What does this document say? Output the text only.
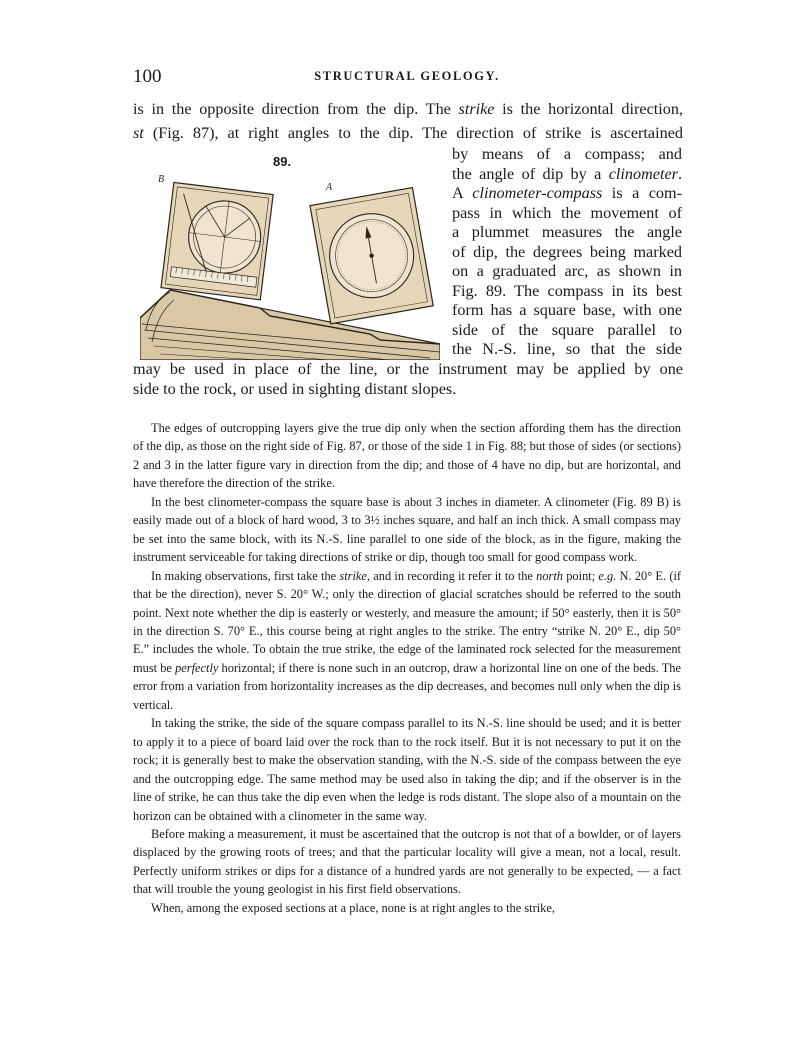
100	STRUCTURAL GEOLOGY.
is in the opposite direction from the dip. The strike is the horizontal direction,
st (Fig. 87), at right angles to the dip. The direction of strike is ascertained
by means of a compass; and
the angle of dip by a clinometer.
A clinometer-compass is a com-
pass in which the movement of
a plummet measures the angle
of dip, the degrees being marked
on a graduated arc, as shown in
Fig. 89. The compass in its best
form has a square base, with one
side of the square parallel to
the N.-S. line, so that the side
may be used in place of the line, or the instrument may be applied by one
side to the rock, or used in sighting distant slopes.
89.
B
A

The edges of outcropping layers give the true dip only when the section affording them has the direction of the dip, as those on the right side of Fig. 87, or those of the side 1 in Fig. 88; but those of sides (or sections) 2 and 3 in the latter figure vary in direction from the dip; and those of 4 have no dip, but are horizontal, and have therefore the direction of the strike.

In the best clinometer-compass the square base is about 3 inches in diameter. A clinometer (Fig. 89 B) is easily made out of a block of hard wood, 3 to 3½ inches square, and half an inch thick. A small compass may be set into the same block, with its N.-S. line parallel to one side of the block, as in the figure, making the instrument serviceable for taking directions of strike or dip, though too small for good compass work.

In making observations, first take the strike, and in recording it refer it to the north point; e.g. N. 20° E. (if that be the direction), never S. 20° W.; only the direction of glacial scratches should be referred to the south point. Next note whether the dip is easterly or westerly, and measure the amount; if 50° easterly, then it is 50° in the direction S. 70° E., this course being at right angles to the strike. The entry “strike N. 20° E., dip 50° E.” includes the whole. To obtain the true strike, the edge of the laminated rock selected for the measurement must be perfectly horizontal; if there is none such in an outcrop, draw a horizontal line on one of the beds. The error from a variation from horizontality increases as the dip decreases, and becomes null only when the dip is vertical.

In taking the strike, the side of the square compass parallel to its N.-S. line should be used; and it is better to apply it to a piece of board laid over the rock than to the rock itself. But it is not necessary to put it on the rock; it is generally best to make the observation standing, with the N.-S. side of the compass between the eye and the outcropping edge. The same method may be used also in taking the dip; and if the observer is in the line of strike, he can thus take the dip even when the ledge is rods distant. The slope also of a mountain on the horizon can be obtained with a clinometer in the same way.

Before making a measurement, it must be ascertained that the outcrop is not that of a bowlder, or of layers displaced by the growing roots of trees; and that the particular locality will give a mean, not a local, result. Perfectly uniform strikes or dips for a distance of a hundred yards are not generally to be expected, — a fact that will trouble the young geologist in his first field observations.

When, among the exposed sections at a place, none is at right angles to the strike,
